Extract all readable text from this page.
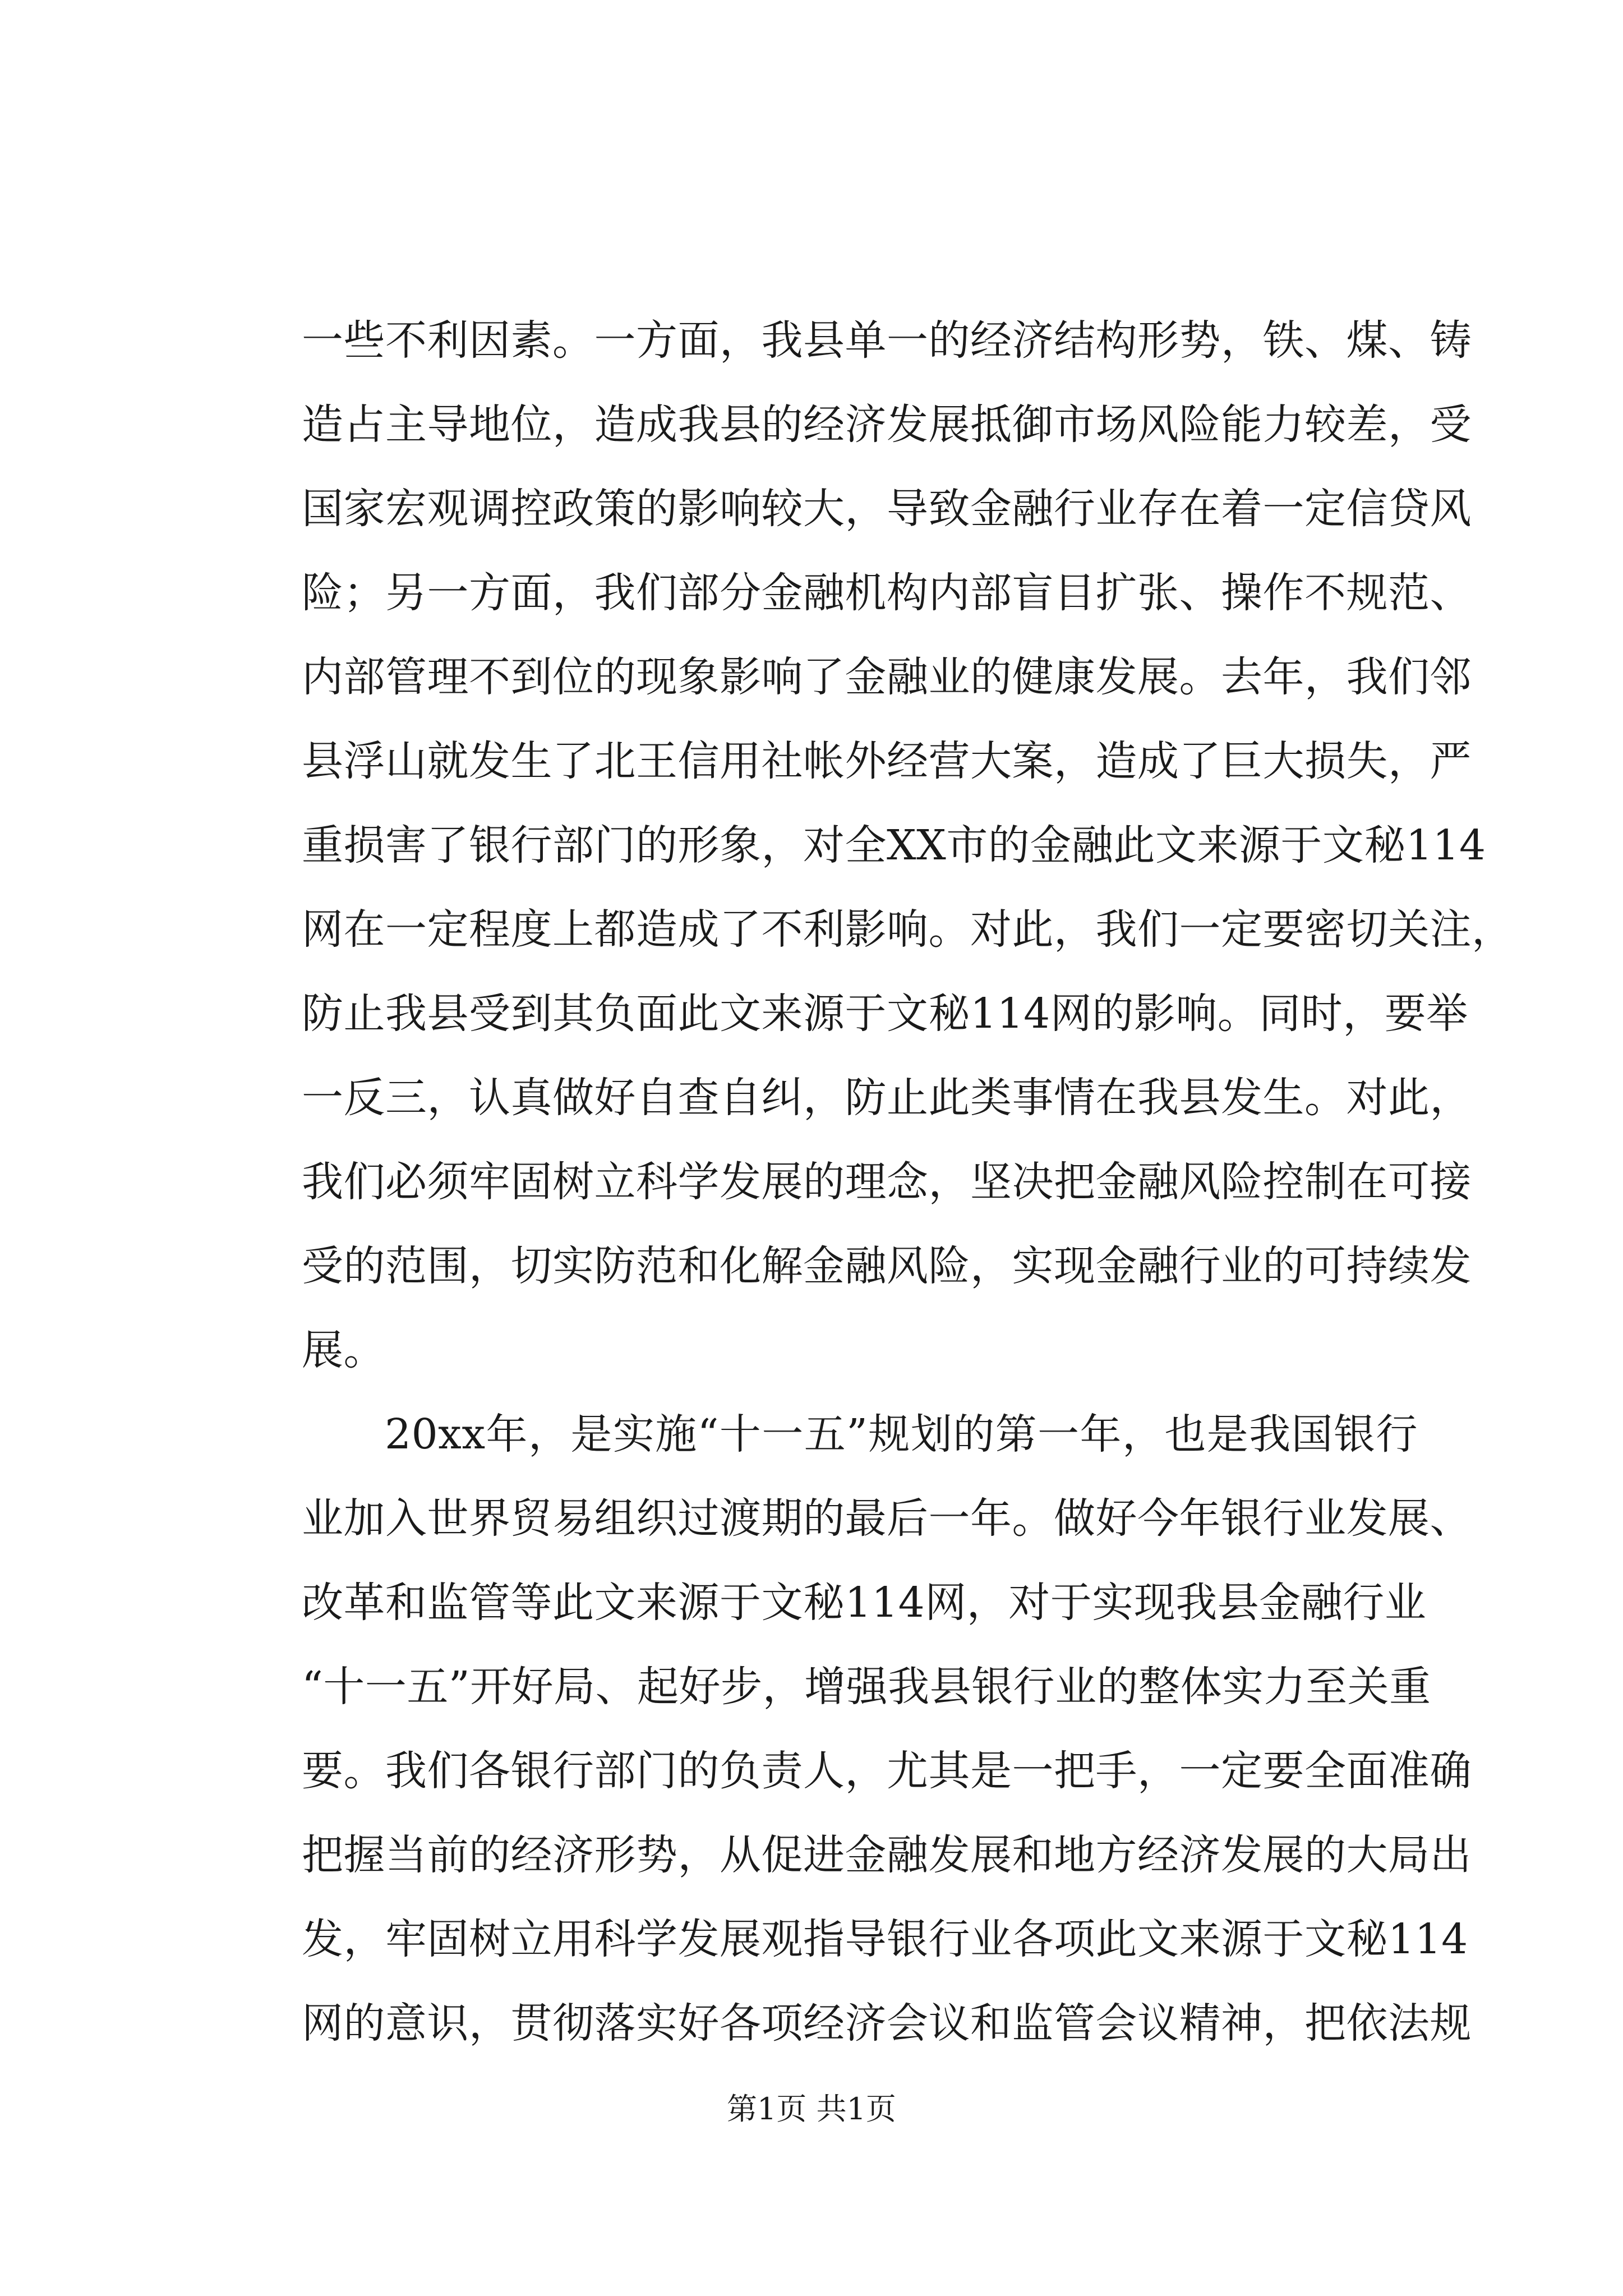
一些不利因素。一方面，我县单一的经济结构形势，铁、煤、铸
造占主导地位，造成我县的经济发展抵御市场风险能力较差，受
国家宏观调控政策的影响较大，导致金融行业存在着一定信贷风
险；另一方面，我们部分金融机构内部盲目扩张、操作不规范、
内部管理不到位的现象影响了金融业的健康发展。去年，我们邻
县浮山就发生了北王信用社帐外经营大案，造成了巨大损失，严
重损害了银行部门的形象，对全XX市的金融此文来源于文秘114
网在一定程度上都造成了不利影响。对此，我们一定要密切关注，
防止我县受到其负面此文来源于文秘114网的影响。同时，要举
一反三，认真做好自查自纠，防止此类事情在我县发生。对此，
我们必须牢固树立科学发展的理念，坚决把金融风险控制在可接
受的范围，切实防范和化解金融风险，实现金融行业的可持续发
展。
20xx年，是实施“十一五”规划的第一年，也是我国银行
业加入世界贸易组织过渡期的最后一年。做好今年银行业发展、
改革和监管等此文来源于文秘114网，对于实现我县金融行业
“十一五”开好局、起好步，增强我县银行业的整体实力至关重
要。我们各银行部门的负责人，尤其是一把手，一定要全面准确
把握当前的经济形势，从促进金融发展和地方经济发展的大局出
发，牢固树立用科学发展观指导银行业各项此文来源于文秘114
网的意识，贯彻落实好各项经济会议和监管会议精神，把依法规
第1页 共1页
